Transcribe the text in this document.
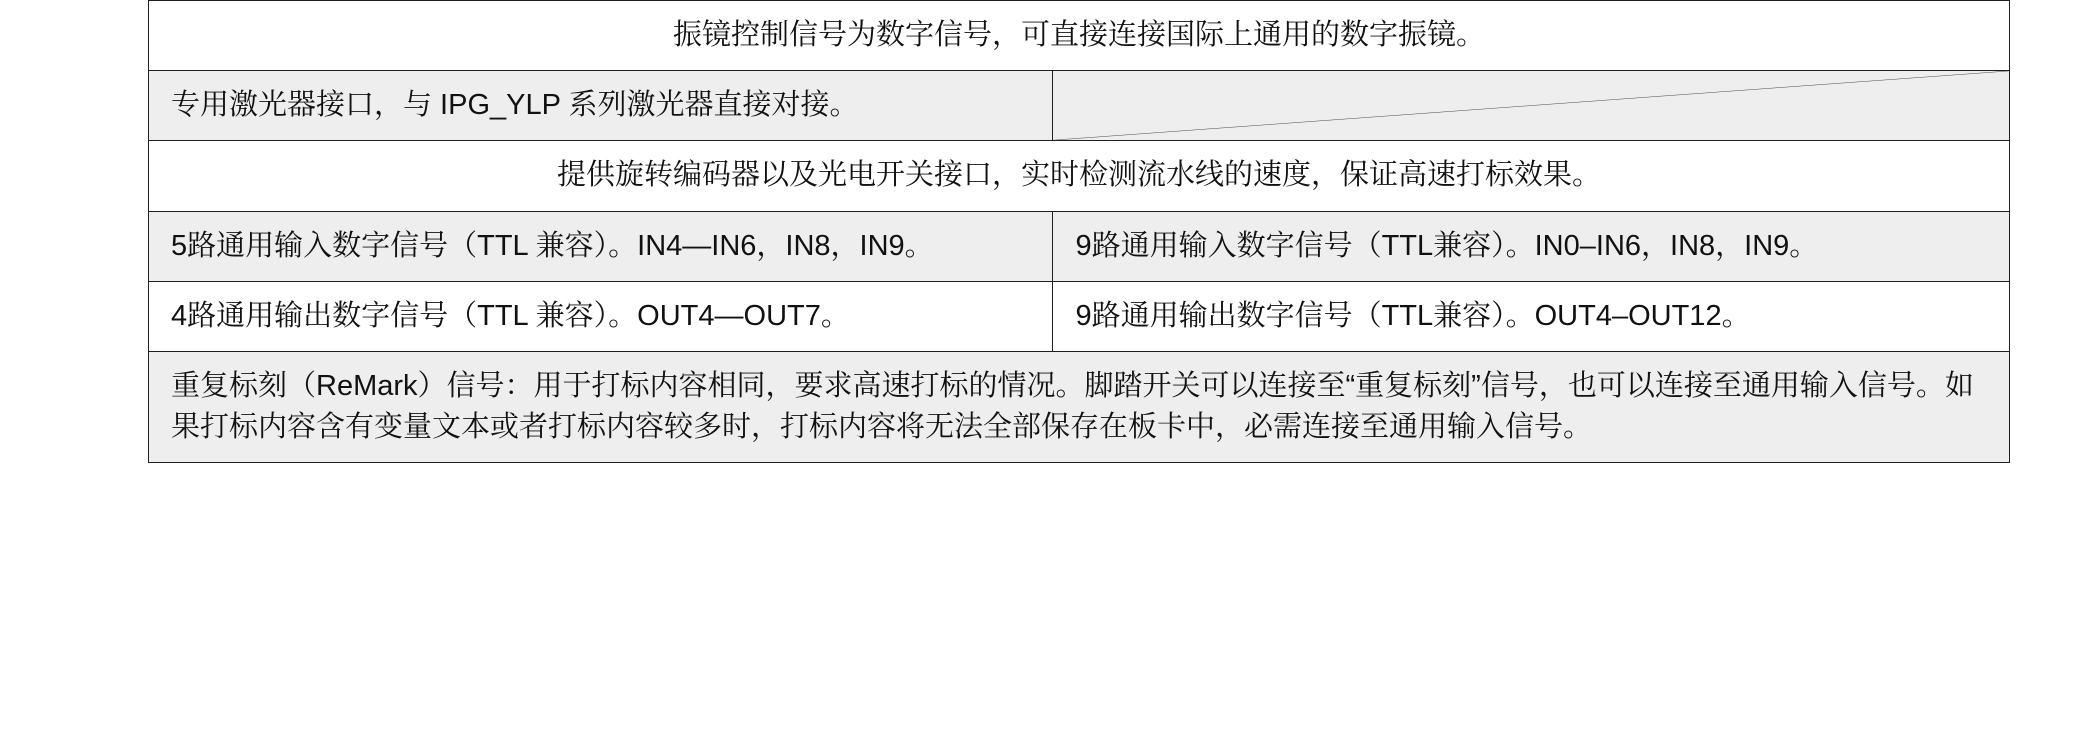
振镜控制信号为数字信号，可直接连接国际上通用的数字振镜。	
专用激光器接口，与 IPG_YLP 系列激光器直接对接。	

提供旋转编码器以及光电开关接口，实时检测流水线的速度，保证高速打标效果。	
5路通用输入数字信号（TTL 兼容）。IN4—IN6，IN8，IN9。	9路通用输入数字信号（TTL兼容）。IN0–IN6，IN8，IN9。
4路通用输出数字信号（TTL 兼容）。OUT4—OUT7。	9路通用输出数字信号（TTL兼容）。OUT4–OUT12。
重复标刻（ReMark）信号：用于打标内容相同，要求高速打标的情况。脚踏开关可以连接至“重复标刻”信号，也可以连接至通用输入信号。如果打标内容含有变量文本或者打标内容较多时，打标内容将无法全部保存在板卡中，必需连接至通用输入信号。	
